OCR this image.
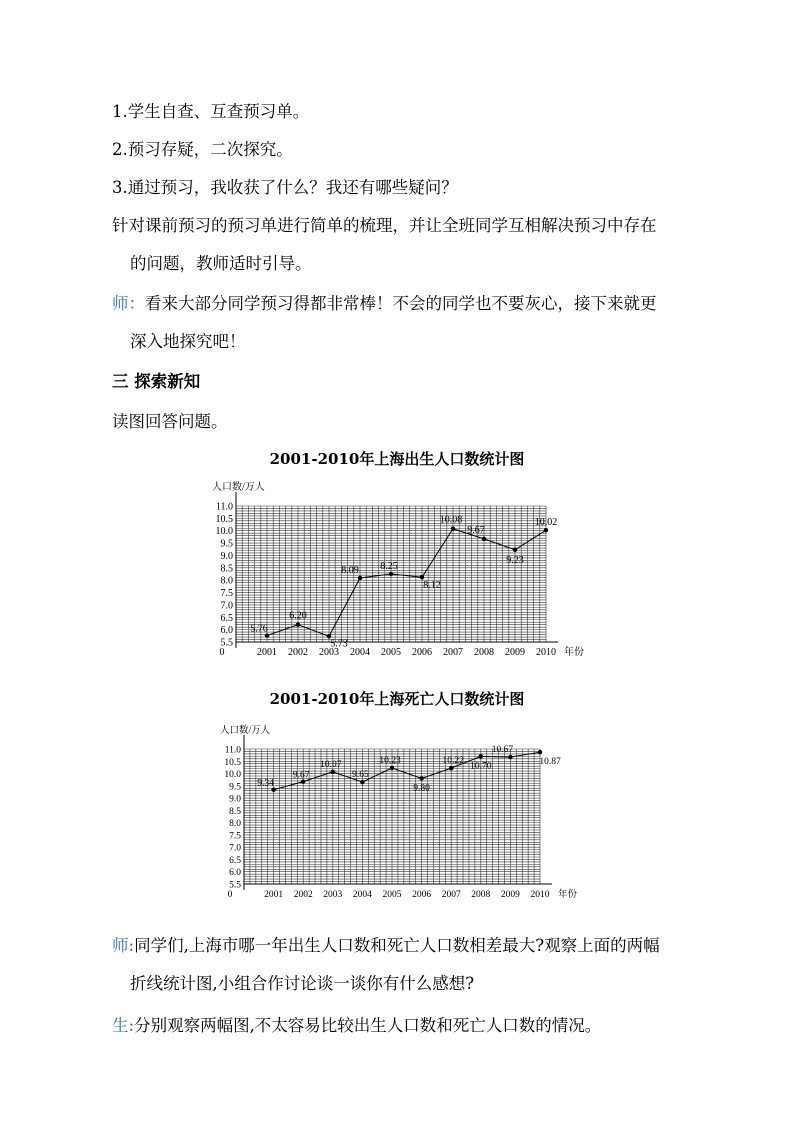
1.学生自查、互查预习单。
2.预习存疑，二次探究。
3.通过预习，我收获了什么？我还有哪些疑问？
针对课前预习的预习单进行简单的梳理，并让全班同学互相解决预习中存在
的问题，教师适时引导。
师：看来大部分同学预习得都非常棒！不会的同学也不要灰心，接下来就更
深入地探究吧！
三 探索新知
读图回答问题。
2001-2010年上海出生人口数统计图
5.5
6.0
6.5
7.0
7.5
8.0
8.5
9.0
9.5
10.0
10.5
11.0
2001 2002 2003 2004 2005 2006 2007 2008 2009 2010
0	年份
人口数/万人
5.76
6.20
5.73
8.09 8.25
8.12
10.08
9.67
9.23
10.02
2001-2010年上海死亡人口数统计图
5.5
6.0
6.5
7.0
7.5
8.0
8.5
9.0
9.5
10.0
10.5
11.0
2001 2002 2003 2004 2005 2006 2007 2008 2009 2010
0	年份
人口数/万人
9.34
9.67
10.07
9.65
10.23
9.80
10.22
10.70
10.67
10.87
师:同学们,上海市哪一年出生人口数和死亡人口数相差最大?观察上面的两幅
折线统计图,小组合作讨论谈一谈你有什么感想?
生:分别观察两幅图,不太容易比较出生人口数和死亡人口数的情况。
